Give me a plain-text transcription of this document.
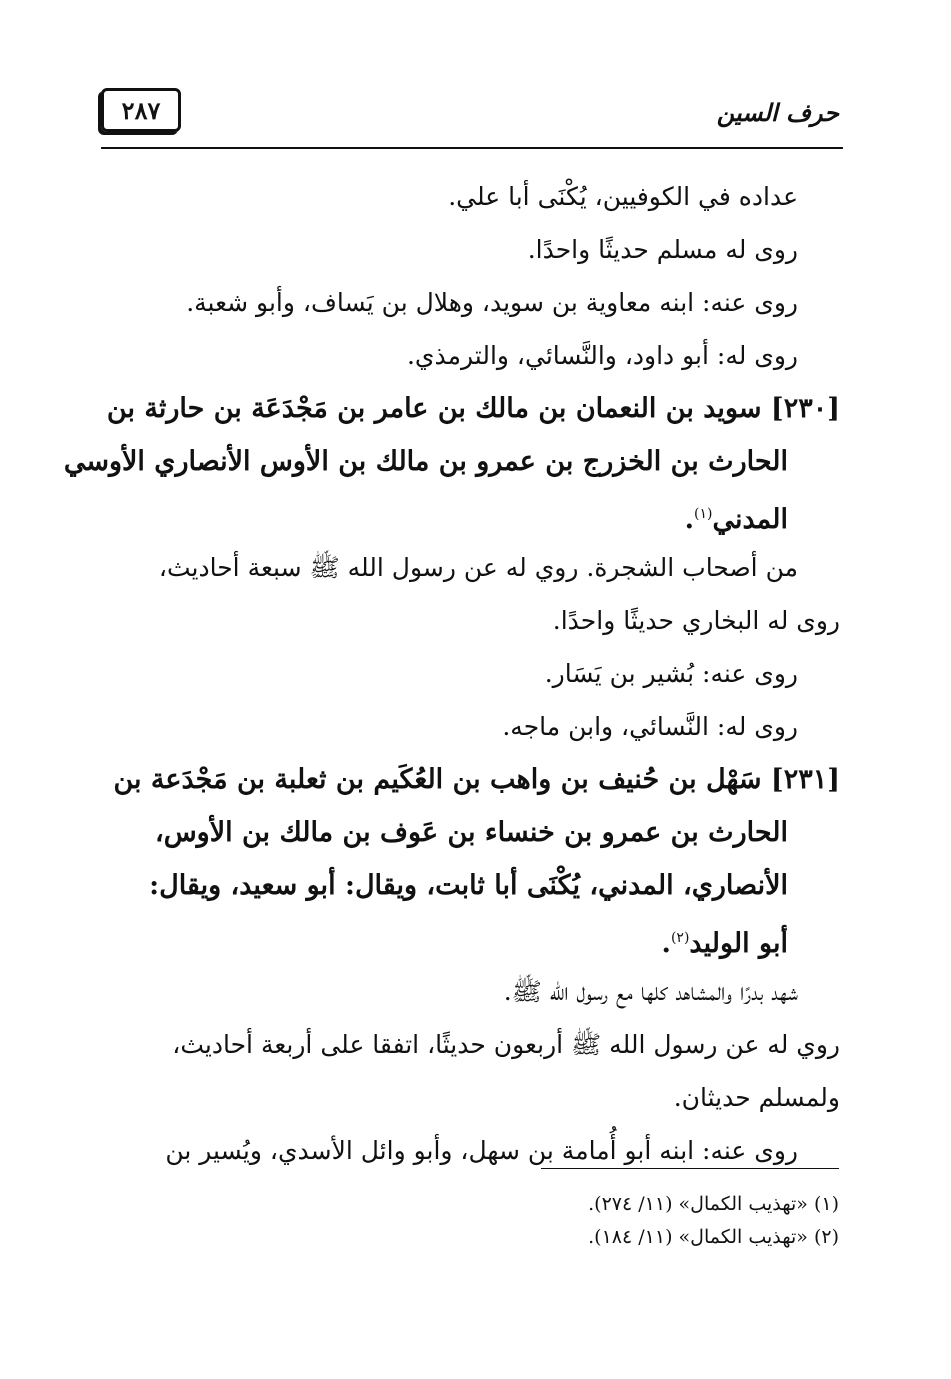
٢٨٧	حرف السين
عداده في الكوفيين، يُكْنَى أبا علي.
روى له مسلم حديثًا واحدًا.
روى عنه: ابنه معاوية بن سويد، وهلال بن يَساف، وأبو شعبة.
روى له: أبو داود، والنَّسائي، والترمذي.
[٢٣٠] سويد بن النعمان بن مالك بن عامر بن مَجْدَعَة بن حارثة بن
الحارث بن الخزرج بن عمرو بن مالك بن الأوس الأنصاري الأوسي
المدني$^{(١)}$.
من أصحاب الشجرة. روي له عن رسول الله ﷺ سبعة أحاديث،
روى له البخاري حديثًا واحدًا.
روى عنه: بُشير بن يَسَار.
روى له: النَّسائي، وابن ماجه.
[٢٣١] سَهْل بن حُنيف بن واهب بن العُكَيم بن ثعلبة بن مَجْدَعة بن
الحارث بن عمرو بن خنساء بن عَوف بن مالك بن الأوس،
الأنصاري، المدني، يُكْنَى أبا ثابت، ويقال: أبو سعيد، ويقال:
أبو الوليد$^{(٢)}$.
شهد بدرًا والمشاهد كلها مع رسول الله ﷺ.
روي له عن رسول الله ﷺ أربعون حديثًا، اتفقا على أربعة أحاديث،
ولمسلم حديثان.
روى عنه: ابنه أبو أُمامة بن سهل، وأبو وائل الأسدي، ويُسير بن
(١) «تهذيب الكمال» (١١/ ٢٧٤).
(٢) «تهذيب الكمال» (١١/ ١٨٤).
